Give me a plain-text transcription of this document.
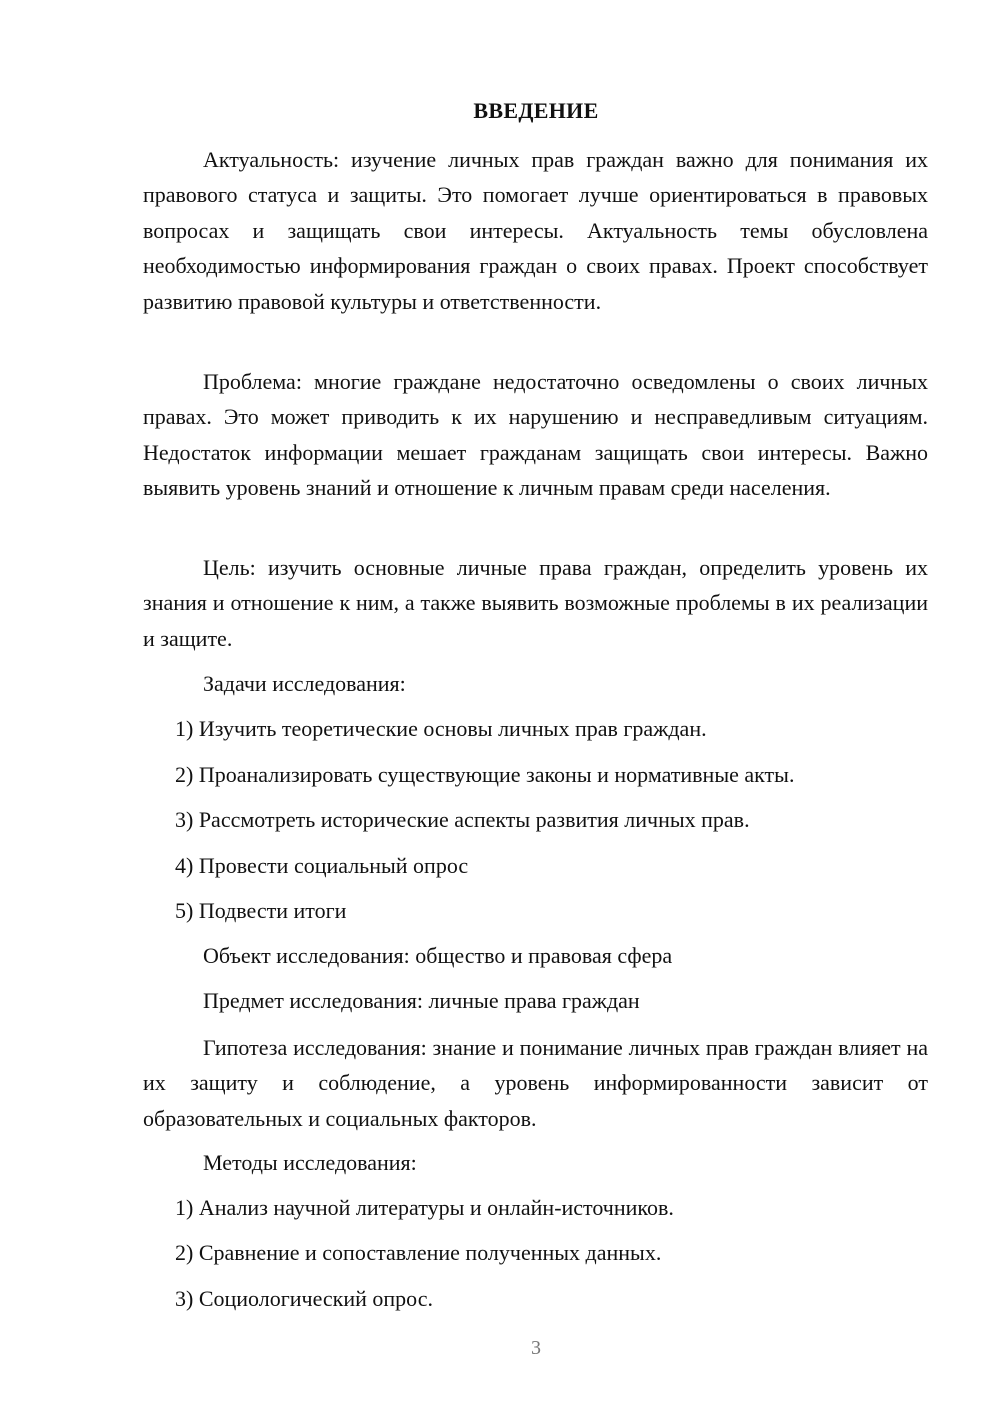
ВВЕДЕНИЕ

Актуальность: изучение личных прав граждан важно для понимания их правового статуса и защиты. Это помогает лучше ориентироваться в правовых вопросах и защищать свои интересы. Актуальность темы обусловлена необходимостью информирования граждан о своих правах. Проект способствует развитию правовой культуры и ответственности.

Проблема: многие граждане недостаточно осведомлены о своих личных правах. Это может приводить к их нарушению и несправедливым ситуациям. Недостаток информации мешает гражданам защищать свои интересы. Важно выявить уровень знаний и отношение к личным правам среди населения.

Цель: изучить основные личные права граждан, определить уровень их знания и отношение к ним, а также выявить возможные проблемы в их реализации и защите.

Задачи исследования:
1) Изучить теоретические основы личных прав граждан.
2) Проанализировать существующие законы и нормативные акты.
3) Рассмотреть исторические аспекты развития личных прав.
4) Провести социальный опрос
5) Подвести итоги
Объект исследования: общество и правовая сфера
Предмет исследования: личные права граждан

Гипотеза исследования: знание и понимание личных прав граждан влияет на их защиту и соблюдение, а уровень информированности зависит от образовательных и социальных факторов.

Методы исследования:
1) Анализ научной литературы и онлайн-источников.
2) Сравнение и сопоставление полученных данных.
3) Социологический опрос.
3
